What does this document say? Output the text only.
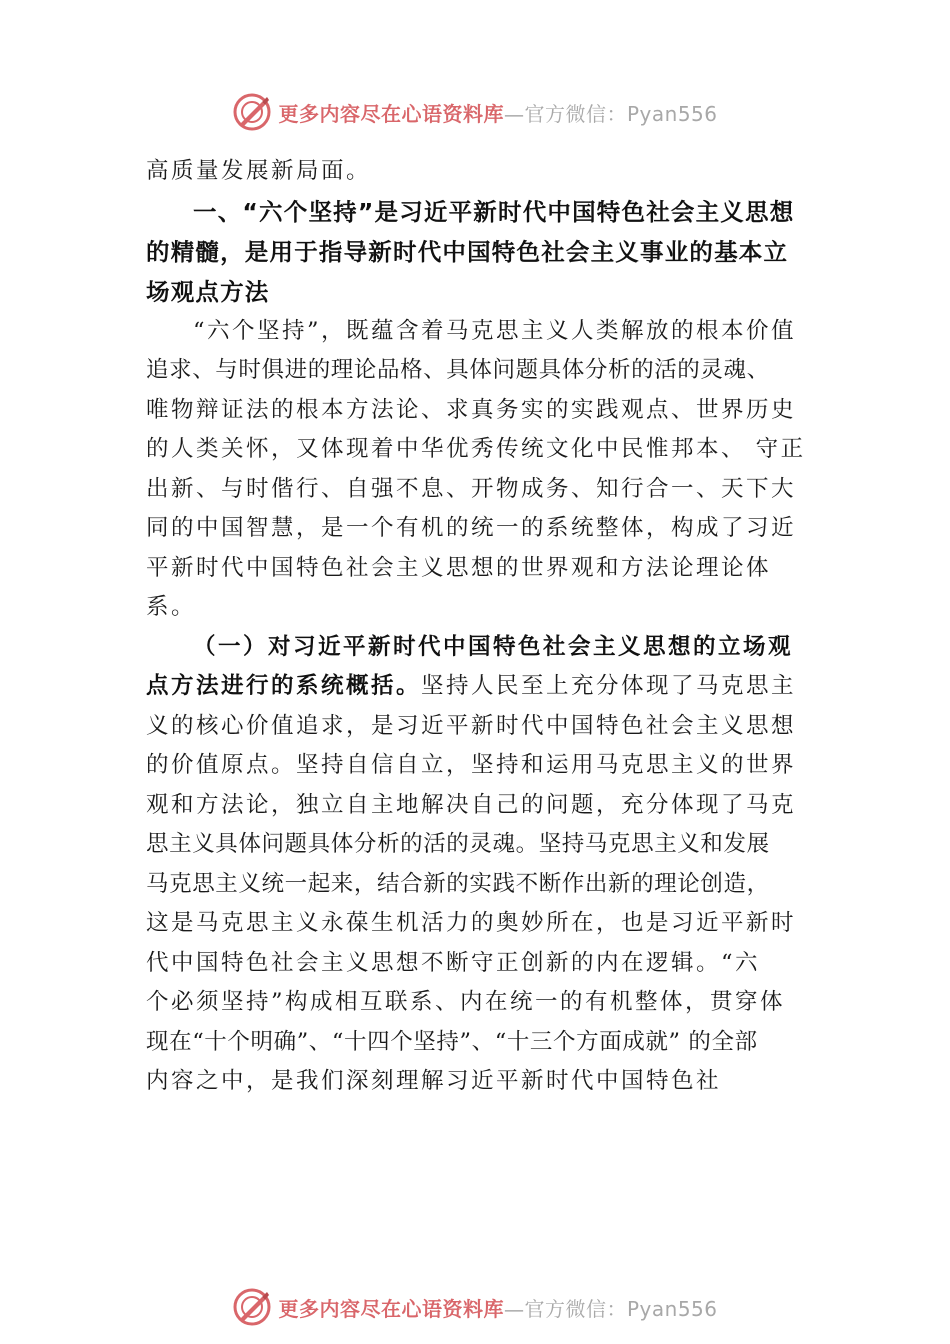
更多内容尽在心语资料库—官方微信：Pyan556
高质量发展新局面。
一、“六个坚持”是习近平新时代中国特色社会主义思想
的精髓，是用于指导新时代中国特色社会主义事业的基本立
场观点方法
“六个坚持”，既蕴含着马克思主义人类解放的根本价值
追求、与时俱进的理论品格、具体问题具体分析的活的灵魂、
唯物辩证法的根本方法论、求真务实的实践观点、世界历史
的人类关怀，又体现着中华优秀传统文化中民惟邦本、 守正
出新、与时偕行、自强不息、开物成务、知行合一、天下大
同的中国智慧，是一个有机的统一的系统整体，构成了习近
平新时代中国特色社会主义思想的世界观和方法论理论体
系。
（一）对习近平新时代中国特色社会主义思想的立场观
点方法进行的系统概括。坚持人民至上充分体现了马克思主
义的核心价值追求，是习近平新时代中国特色社会主义思想
的价值原点。坚持自信自立，坚持和运用马克思主义的世界
观和方法论，独立自主地解决自己的问题，充分体现了马克
思主义具体问题具体分析的活的灵魂。坚持马克思主义和发展
马克思主义统一起来，结合新的实践不断作出新的理论创造，
这是马克思主义永葆生机活力的奥妙所在，也是习近平新时
代中国特色社会主义思想不断守正创新的内在逻辑。“六
个必须坚持”构成相互联系、内在统一的有机整体，贯穿体
现在“十个明确”、“十四个坚持”、“十三个方面成就” 的全部
内容之中，是我们深刻理解习近平新时代中国特色社
更多内容尽在心语资料库—官方微信：Pyan556
